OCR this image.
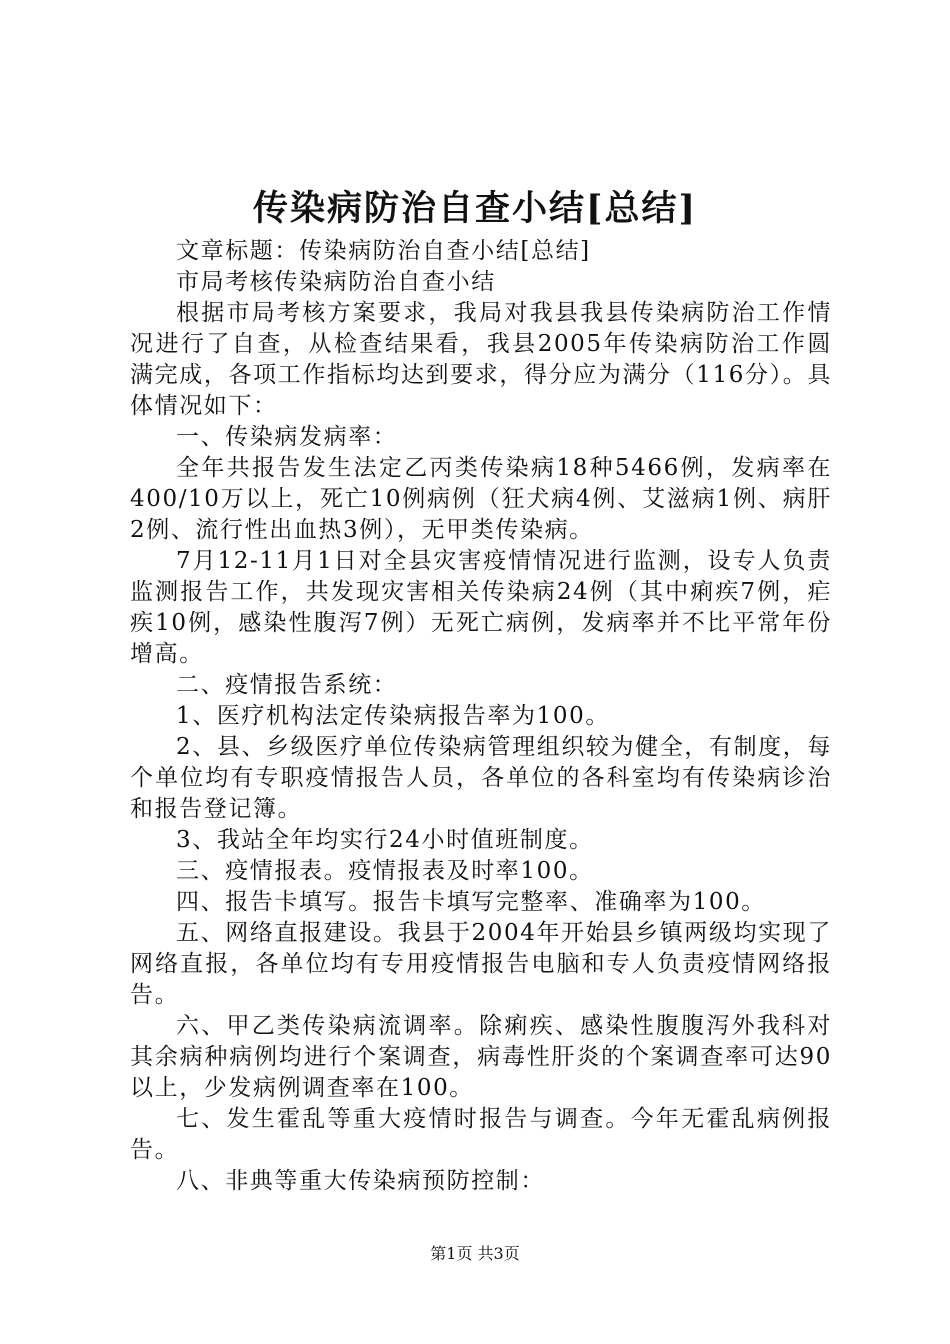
传染病防治自查小结[总结]

文章标题：传染病防治自查小结[总结]

市局考核传染病防治自查小结

根据市局考核方案要求，我局对我县我县传染病防治工作情况进行了自查，从检查结果看，我县2005年传染病防治工作圆满完成，各项工作指标均达到要求，得分应为满分（116分）。具体情况如下：

一、传染病发病率：

全年共报告发生法定乙丙类传染病18种5466例，发病率在400/10万以上，死亡10例病例（狂犬病4例、艾滋病1例、病肝2例、流行性出血热3例），无甲类传染病。

7月12-11月1日对全县灾害疫情情况进行监测，设专人负责监测报告工作，共发现灾害相关传染病24例（其中痢疾7例，疟疾10例，感染性腹泻7例）无死亡病例，发病率并不比平常年份增高。

二、疫情报告系统：

1、医疗机构法定传染病报告率为100。

2、县、乡级医疗单位传染病管理组织较为健全，有制度，每个单位均有专职疫情报告人员，各单位的各科室均有传染病诊治和报告登记簿。

3、我站全年均实行24小时值班制度。

三、疫情报表。疫情报表及时率100。

四、报告卡填写。报告卡填写完整率、准确率为100。

五、网络直报建设。我县于2004年开始县乡镇两级均实现了网络直报，各单位均有专用疫情报告电脑和专人负责疫情网络报告。

六、甲乙类传染病流调率。除痢疾、感染性腹腹泻外我科对其余病种病例均进行个案调查，病毒性肝炎的个案调查率可达90以上，少发病例调查率在100。

七、发生霍乱等重大疫情时报告与调查。今年无霍乱病例报告。

八、非典等重大传染病预防控制：

第1页 共3页
